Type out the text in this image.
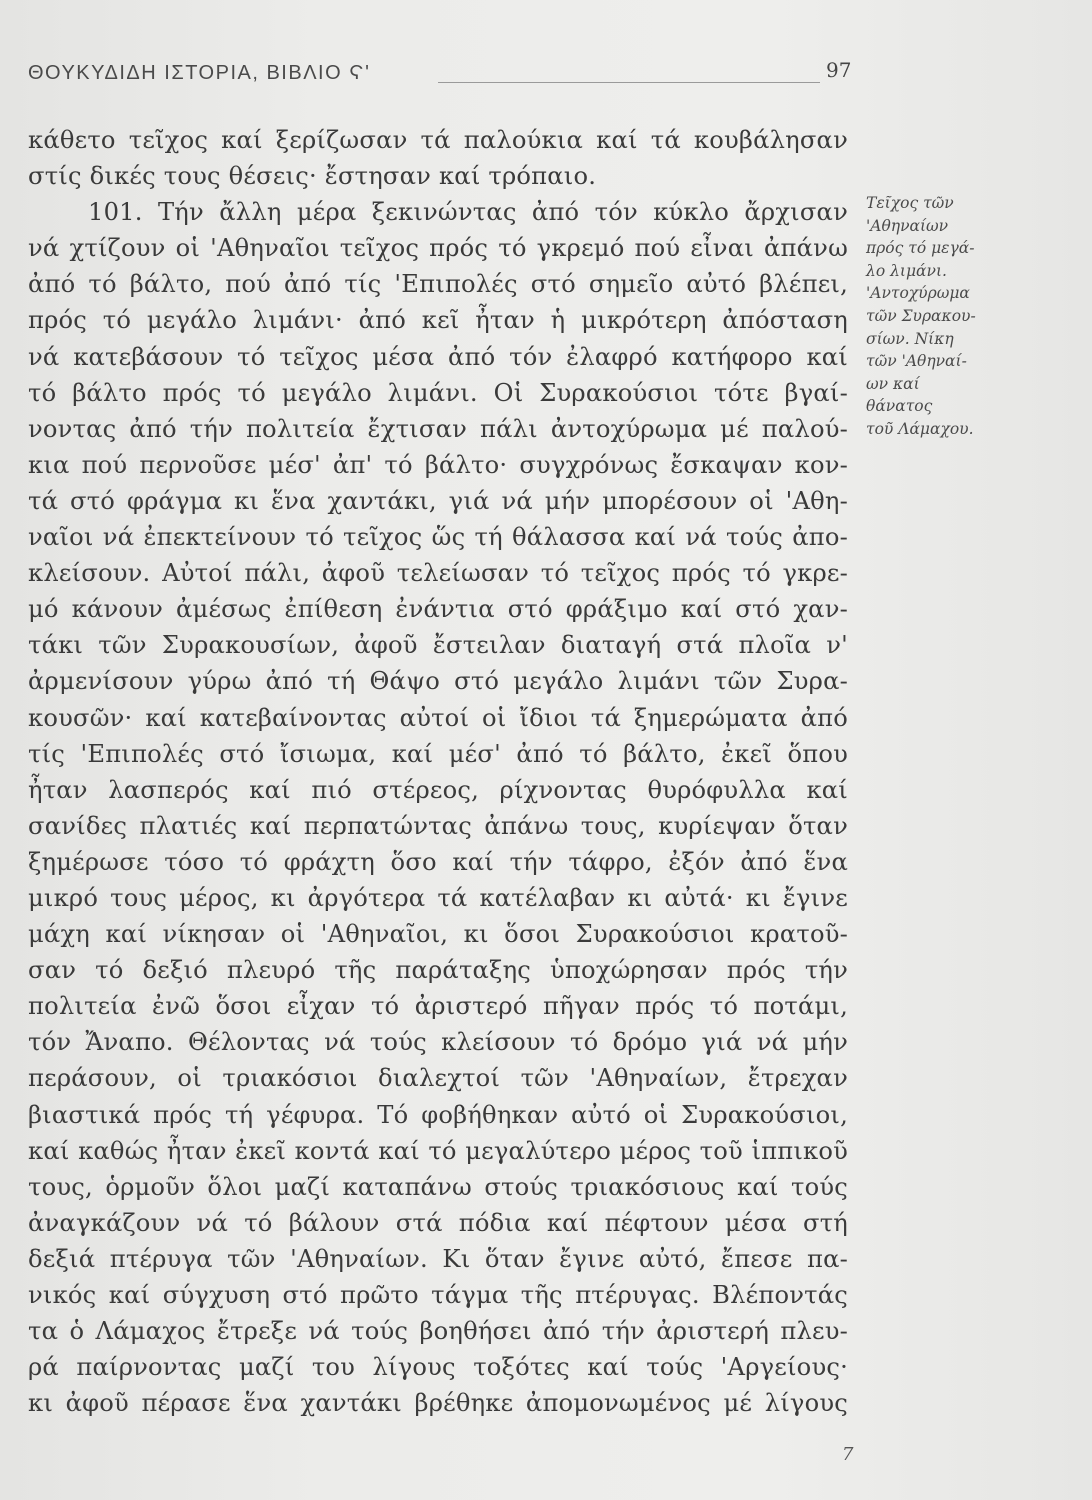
ΘΟΥΚΥΔΙΔΗ ΙΣΤΟΡΙΑ, ΒΙΒΛΙΟ Ϛ'	97
κάθετο τεῖχος καί ξερίζωσαν τά παλούκια καί τά κουβάλησαν
στίς δικές τους θέσεις· ἔστησαν καί τρόπαιο.
101. Τήν ἄλλη μέρα ξεκινώντας ἀπό τόν κύκλο ἄρχισαν
νά χτίζουν οἱ 'Αθηναῖοι τεῖχος πρός τό γκρεμό πού εἶναι ἀπάνω
ἀπό τό βάλτο, πού ἀπό τίς 'Επιπολές στό σημεῖο αὐτό βλέπει,
πρός τό μεγάλο λιμάνι· ἀπό κεῖ ἦταν ἡ μικρότερη ἀπόσταση
νά κατεβάσουν τό τεῖχος μέσα ἀπό τόν ἐλαφρό κατήφορο καί
τό βάλτο πρός τό μεγάλο λιμάνι. Οἱ Συρακούσιοι τότε βγαί-
νοντας ἀπό τήν πολιτεία ἔχτισαν πάλι ἀντοχύρωμα μέ παλού-
κια πού περνοῦσε μέσ' ἀπ' τό βάλτο· συγχρόνως ἔσκαψαν κον-
τά στό φράγμα κι ἕνα χαντάκι, γιά νά μήν μπορέσουν οἱ 'Αθη-
ναῖοι νά ἐπεκτείνουν τό τεῖχος ὥς τή θάλασσα καί νά τούς ἀπο-
κλείσουν. Αὐτοί πάλι, ἀφοῦ τελείωσαν τό τεῖχος πρός τό γκρε-
μό κάνουν ἀμέσως ἐπίθεση ἐνάντια στό φράξιμο καί στό χαν-
τάκι τῶν Συρακουσίων, ἀφοῦ ἔστειλαν διαταγή στά πλοῖα ν'
ἀρμενίσουν γύρω ἀπό τή Θάψο στό μεγάλο λιμάνι τῶν Συρα-
κουσῶν· καί κατεβαίνοντας αὐτοί οἱ ἴδιοι τά ξημερώματα ἀπό
τίς 'Επιπολές στό ἴσιωμα, καί μέσ' ἀπό τό βάλτο, ἐκεῖ ὅπου
ἦταν λασπερός καί πιό στέρεος, ρίχνοντας θυρόφυλλα καί
σανίδες πλατιές καί περπατώντας ἀπάνω τους, κυρίεψαν ὅταν
ξημέρωσε τόσο τό φράχτη ὅσο καί τήν τάφρο, ἐξόν ἀπό ἕνα
μικρό τους μέρος, κι ἀργότερα τά κατέλαβαν κι αὐτά· κι ἔγινε
μάχη καί νίκησαν οἱ 'Αθηναῖοι, κι ὅσοι Συρακούσιοι κρατοῦ-
σαν τό δεξιό πλευρό τῆς παράταξης ὑποχώρησαν πρός τήν
πολιτεία ἐνῶ ὅσοι εἶχαν τό ἀριστερό πῆγαν πρός τό ποτάμι,
τόν Ἄναπο. Θέλοντας νά τούς κλείσουν τό δρόμο γιά νά μήν
περάσουν, οἱ τριακόσιοι διαλεχτοί τῶν 'Αθηναίων, ἔτρεχαν
βιαστικά πρός τή γέφυρα. Τό φοβήθηκαν αὐτό οἱ Συρακούσιοι,
καί καθώς ἦταν ἐκεῖ κοντά καί τό μεγαλύτερο μέρος τοῦ ἱππικοῦ
τους, ὁρμοῦν ὅλοι μαζί καταπάνω στούς τριακόσιους καί τούς
ἀναγκάζουν νά τό βάλουν στά πόδια καί πέφτουν μέσα στή
δεξιά πτέρυγα τῶν 'Αθηναίων. Κι ὅταν ἔγινε αὐτό, ἔπεσε πα-
νικός καί σύγχυση στό πρῶτο τάγμα τῆς πτέρυγας. Βλέποντάς
τα ὁ Λάμαχος ἔτρεξε νά τούς βοηθήσει ἀπό τήν ἀριστερή πλευ-
ρά παίρνοντας μαζί του λίγους τοξότες καί τούς 'Αργείους·
κι ἀφοῦ πέρασε ἕνα χαντάκι βρέθηκε ἀπομονωμένος μέ λίγους
Τεῖχος τῶν
'Αθηναίων
πρός τό μεγά-
λο λιμάνι.
'Αντοχύρωμα
τῶν Συρακου-
σίων. Νίκη
τῶν 'Αθηναί-
ων καί
θάνατος
τοῦ Λάμαχου.
7
